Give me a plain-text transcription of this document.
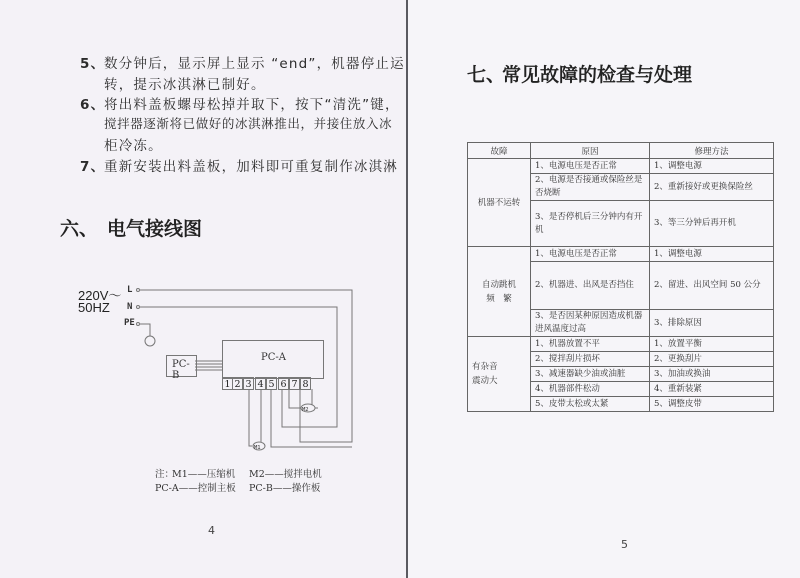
5、数分钟后，显示屏上显示 “end”，机器停止运
转，提示冰淇淋已制好。
6、将出料盖板螺母松掉并取下，按下“清洗”键，
搅拌器逐渐将已做好的冰淇淋推出，并接住放入冰
柜冷冻。
7、重新安装出料盖板，加料即可重复制作冰淇淋
六、 电气接线图
220V～
50HZ
L
N
PE
M1
M2
PC-B
PC-A
1 2 3 4 5 6 7 8
注：
M1——压缩机 M2——搅拌电机
PC-A——控制主板 PC-B——操作板
4
七、
常见故障的检查与处理
故障	原因	修理方法
机器不运转	1、电源电压是否正常	1、调整电源
	2、电源是否接通或保险丝是否烧断	2、重新接好或更换保险丝
	3、是否停机后三分钟内有开机	3、等三分钟后再开机

自动跳机
频　繁	1、电源电压是否正常	1、调整电源
	2、机器进、出风是否挡住	2、留进、出风空间 50 公分
	3、是否因某种原因造成机器进风温度过高	3、排除原因

有杂音
震动大	1、机器放置不平	1、放置平衡
	2、搅拌刮片损坏	2、更换刮片
	3、减速器缺少油或油脏	3、加油或换油
	4、机器部件松动	4、重新装紧
	5、皮带太松或太紧	5、调整皮带
5
